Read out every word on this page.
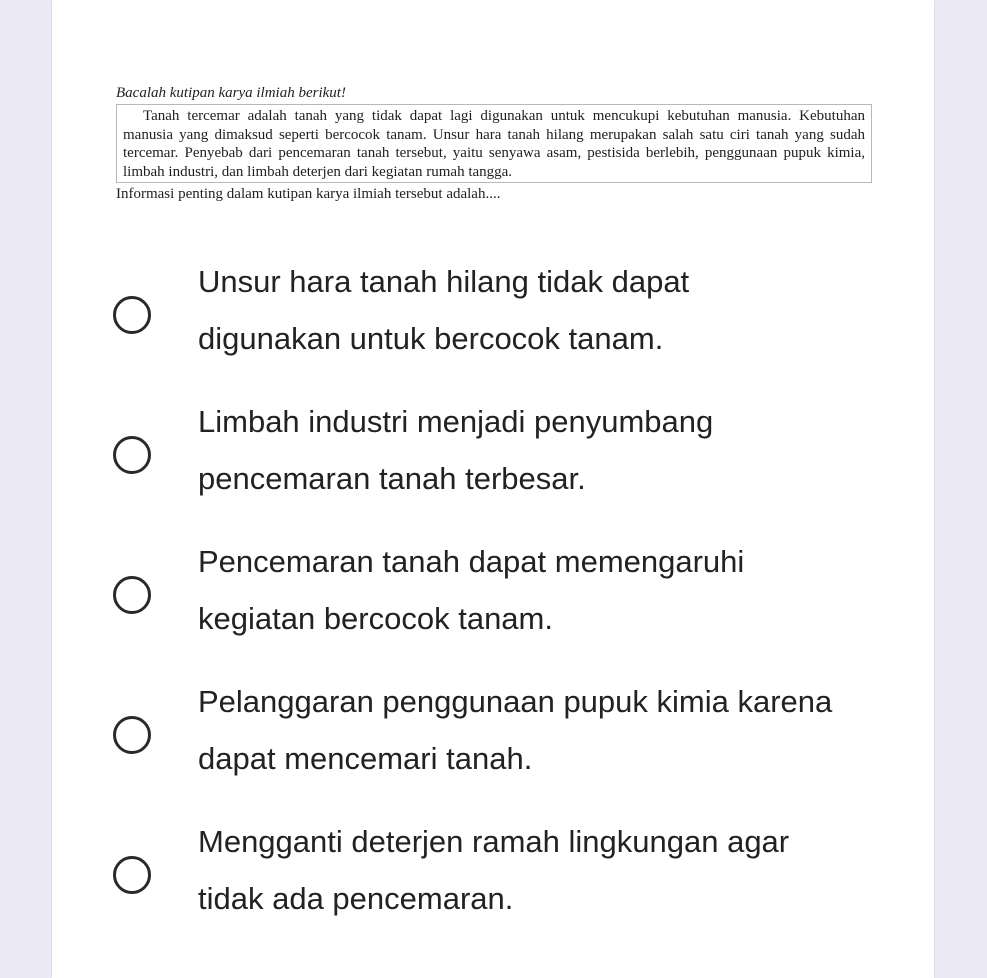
Bacalah kutipan karya ilmiah berikut!

Tanah tercemar adalah tanah yang tidak dapat lagi digunakan untuk mencukupi kebutuhan manusia. Kebutuhan manusia yang dimaksud seperti bercocok tanam. Unsur hara tanah hilang merupakan salah satu ciri tanah yang sudah tercemar. Penyebab dari pencemaran tanah tersebut, yaitu senyawa asam, pestisida berlebih, penggunaan pupuk kimia, limbah industri, dan limbah deterjen dari kegiatan rumah tangga.

Informasi penting dalam kutipan karya ilmiah tersebut adalah....

Unsur hara tanah hilang tidak dapat digunakan untuk bercocok tanam.
Limbah industri menjadi penyumbang pencemaran tanah terbesar.
Pencemaran tanah dapat memengaruhi kegiatan bercocok tanam.
Pelanggaran penggunaan pupuk kimia karena dapat mencemari tanah.
Mengganti deterjen ramah lingkungan agar tidak ada pencemaran.
